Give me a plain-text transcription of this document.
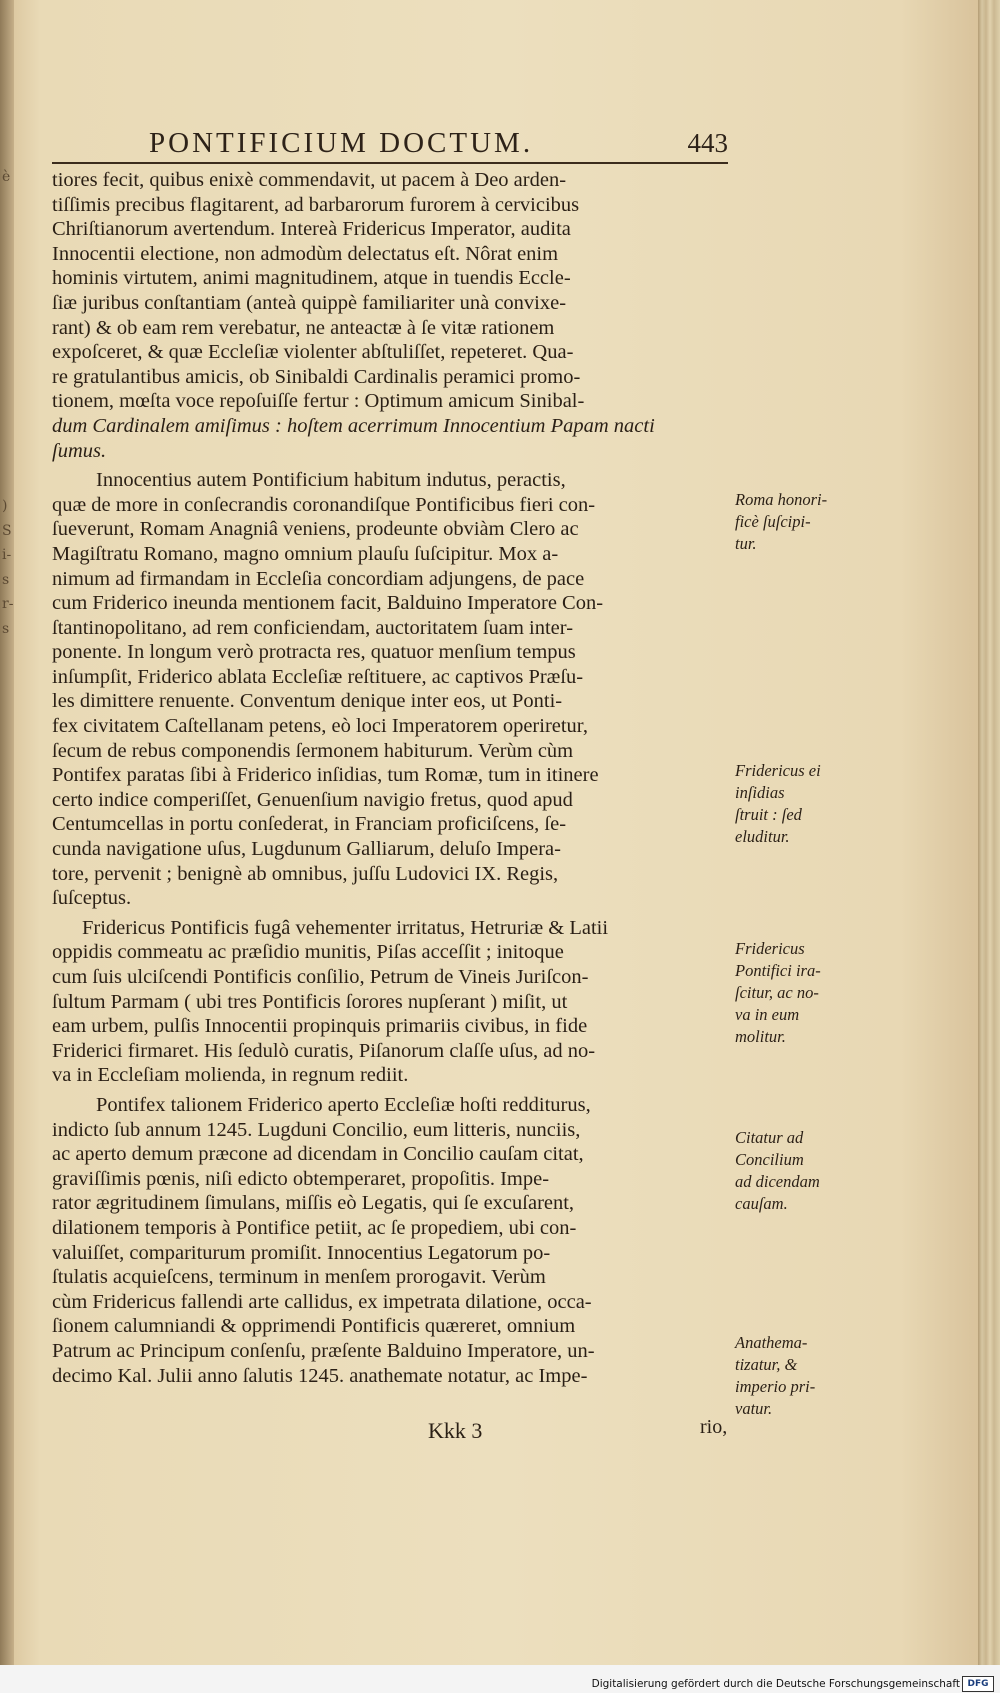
è
)
S
i-
s
r-
s
PONTIFICIUM DOCTUM.	443
tiores fecit, quibus enixè commendavit, ut pacem à Deo arden-
tiſſimis precibus flagitarent, ad barbarorum furorem à cervicibus
Chriſtianorum avertendum. Intereà Fridericus Imperator, audita
Innocentii electione, non admodùm delectatus eſt. Nôrat enim
hominis virtutem, animi magnitudinem, atque in tuendis Eccle-
ſiæ juribus conſtantiam (anteà quippè familiariter unà convixe-
rant) & ob eam rem verebatur, ne anteactæ à ſe vitæ rationem
expoſceret, & quæ Eccleſiæ violenter abſtuliſſet, repeteret. Qua-
re gratulantibus amicis, ob Sinibaldi Cardinalis peramici promo-
tionem, mœſta voce repoſuiſſe fertur : Optimum amicum Sinibal-
dum Cardinalem amiſimus : hoſtem acerrimum Innocentium Papam nacti
ſumus.
Innocentius autem Pontificium habitum indutus, peractis,
quæ de more in conſecrandis coronandiſque Pontificibus fieri con-
ſueverunt, Romam Anagniâ veniens, prodeunte obviàm Clero ac
Magiſtratu Romano, magno omnium plauſu ſuſcipitur. Mox a-
nimum ad firmandam in Eccleſia concordiam adjungens, de pace
cum Friderico ineunda mentionem facit, Balduino Imperatore Con-
ſtantinopolitano, ad rem conficiendam, auctoritatem ſuam inter-
ponente. In longum verò protracta res, quatuor menſium tempus
inſumpſit, Friderico ablata Eccleſiæ reſtituere, ac captivos Præſu-
les dimittere renuente. Conventum denique inter eos, ut Ponti-
fex civitatem Caſtellanam petens, eò loci Imperatorem operiretur,
ſecum de rebus componendis ſermonem habiturum. Verùm cùm
Pontifex paratas ſibi à Friderico inſidias, tum Romæ, tum in itinere
certo indice comperiſſet, Genuenſium navigio fretus, quod apud
Centumcellas in portu conſederat, in Franciam proficiſcens, ſe-
cunda navigatione uſus, Lugdunum Galliarum, deluſo Impera-
tore, pervenit ; benignè ab omnibus, juſſu Ludovici IX. Regis,
ſuſceptus.
Fridericus Pontificis fugâ vehementer irritatus, Hetruriæ & Latii
oppidis commeatu ac præſidio munitis, Piſas acceſſit ; initoque
cum ſuis ulciſcendi Pontificis conſilio, Petrum de Vineis Juriſcon-
ſultum Parmam ( ubi tres Pontificis ſorores nupſerant ) miſit, ut
eam urbem, pulſis Innocentii propinquis primariis civibus, in fide
Friderici firmaret. His ſedulò curatis, Piſanorum claſſe uſus, ad no-
va in Eccleſiam molienda, in regnum rediit.
Pontifex talionem Friderico aperto Eccleſiæ hoſti redditurus,
indicto ſub annum 1245. Lugduni Concilio, eum litteris, nunciis,
ac aperto demum præcone ad dicendam in Concilio cauſam citat,
graviſſimis pœnis, niſi edicto obtemperaret, propoſitis. Impe-
rator ægritudinem ſimulans, miſſis eò Legatis, qui ſe excuſarent,
dilationem temporis à Pontifice petiit, ac ſe propediem, ubi con-
valuiſſet, compariturum promiſit. Innocentius Legatorum po-
ſtulatis acquieſcens, terminum in menſem prorogavit. Verùm
cùm Fridericus fallendi arte callidus, ex impetrata dilatione, occa-
ſionem calumniandi & opprimendi Pontificis quæreret, omnium
Patrum ac Principum conſenſu, præſente Balduino Imperatore, un-
decimo Kal. Julii anno ſalutis 1245. anathemate notatur, ac Impe-
Roma honori-
ficè ſuſcipi-
tur.
Fridericus ei
inſidias
ſtruit : ſed
eluditur.
Fridericus
Pontifici ira-
ſcitur, ac no-
va in eum
molitur.
Citatur ad
Concilium
ad dicendam
cauſam.
Anathema-
tizatur, &
imperio pri-
vatur.
Kkk 3	rio,
Digitalisierung gefördert durch die Deutsche Forschungsgemeinschaft DFG
